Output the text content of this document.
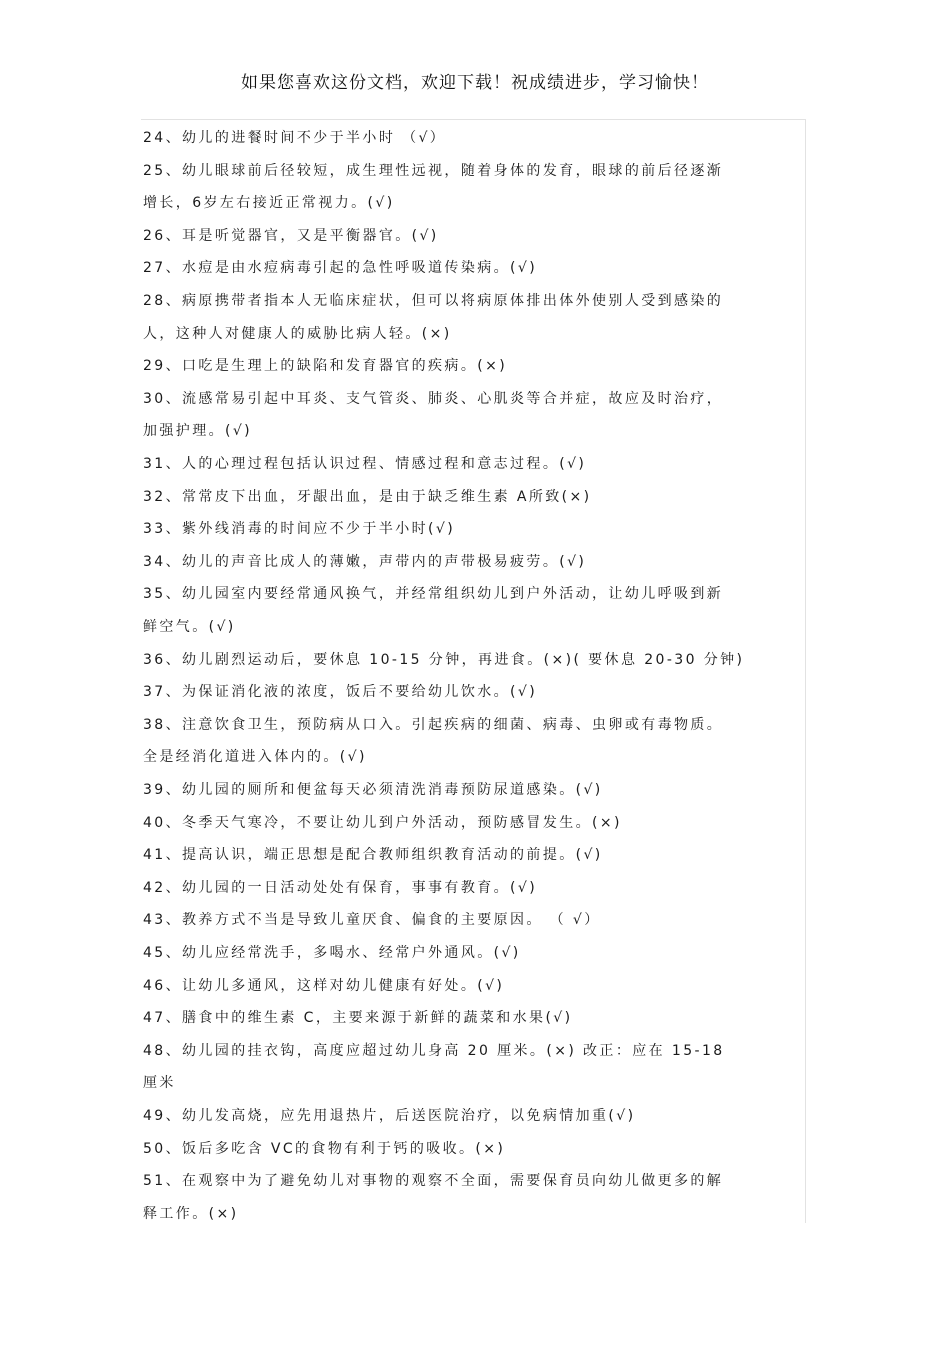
如果您喜欢这份文档，欢迎下载！祝成绩进步，学习愉快！
24、幼儿的进餐时间不少于半小时 （√）
25、幼儿眼球前后径较短，成生理性远视，随着身体的发育，眼球的前后径逐渐
增长，6岁左右接近正常视力。(√)
26、耳是听觉器官，又是平衡器官。(√)
27、水痘是由水痘病毒引起的急性呼吸道传染病。(√)
28、病原携带者指本人无临床症状，但可以将病原体排出体外使别人受到感染的
人，这种人对健康人的威胁比病人轻。(×)
29、口吃是生理上的缺陷和发育器官的疾病。(×)
30、流感常易引起中耳炎、支气管炎、肺炎、心肌炎等合并症，故应及时治疗，
加强护理。(√)
31、人的心理过程包括认识过程、情感过程和意志过程。(√)
32、常常皮下出血，牙龈出血，是由于缺乏维生素 A所致(×)
33、紫外线消毒的时间应不少于半小时(√)
34、幼儿的声音比成人的薄嫩，声带内的声带极易疲劳。(√)
35、幼儿园室内要经常通风换气，并经常组织幼儿到户外活动，让幼儿呼吸到新
鲜空气。(√)
36、幼儿剧烈运动后，要休息 10-15 分钟，再进食。(×)( 要休息 20-30 分钟)
37、为保证消化液的浓度，饭后不要给幼儿饮水。(√)
38、注意饮食卫生，预防病从口入。引起疾病的细菌、病毒、虫卵或有毒物质。
全是经消化道进入体内的。(√)
39、幼儿园的厕所和便盆每天必须清洗消毒预防尿道感染。(√)
40、冬季天气寒冷，不要让幼儿到户外活动，预防感冒发生。(×)
41、提高认识，端正思想是配合教师组织教育活动的前提。(√)
42、幼儿园的一日活动处处有保育，事事有教育。(√)
43、教养方式不当是导致儿童厌食、偏食的主要原因。 （ √）
45、幼儿应经常洗手，多喝水、经常户外通风。(√)
46、让幼儿多通风，这样对幼儿健康有好处。(√)
47、膳食中的维生素 C，主要来源于新鲜的蔬菜和水果(√)
48、幼儿园的挂衣钩，高度应超过幼儿身高 20 厘米。(×) 改正：应在 15-18
厘米
49、幼儿发高烧，应先用退热片，后送医院治疗，以免病情加重(√)
50、饭后多吃含 VC的食物有利于钙的吸收。(×)
51、在观察中为了避免幼儿对事物的观察不全面，需要保育员向幼儿做更多的解
释工作。(×)
